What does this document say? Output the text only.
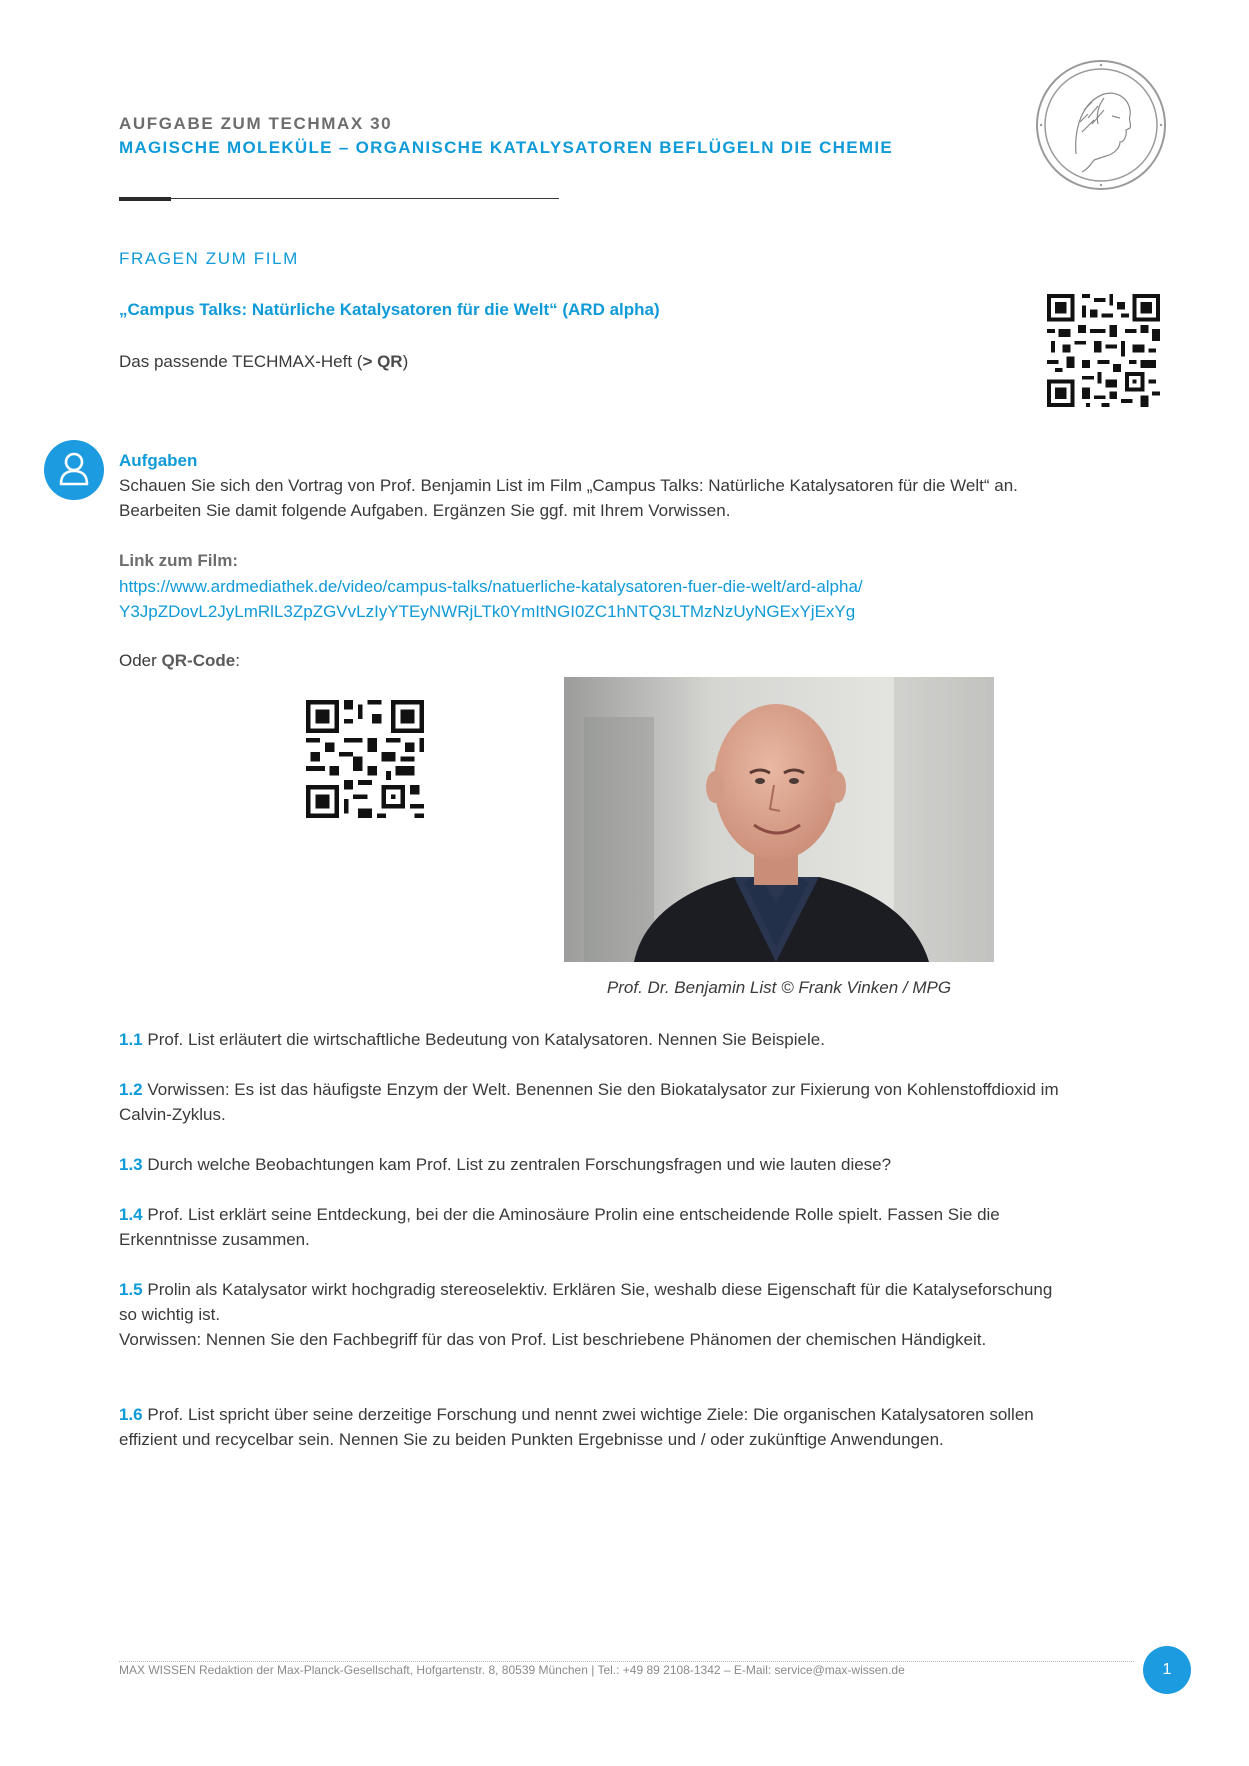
AUFGABE ZUM TECHMAX 30
MAGISCHE MOLEKÜLE – ORGANISCHE KATALYSATOREN BEFLÜGELN DIE CHEMIE
FRAGEN ZUM FILM
„Campus Talks: Natürliche Katalysatoren für die Welt“ (ARD alpha)
Das passende TECHMAX-Heft (> QR)
Aufgaben
Schauen Sie sich den Vortrag von Prof. Benjamin List im Film „Campus Talks: Natürliche Katalysatoren für die Welt“ an. Bearbeiten Sie damit folgende Aufgaben. Ergänzen Sie ggf. mit Ihrem Vorwissen.
Link zum Film:
https://www.ardmediathek.de/video/campus-talks/natuerliche-katalysatoren-fuer-die-welt/ard-alpha/
Y3JpZDovL2JyLmRlL3ZpZGVvLzIyYTEyNWRjLTk0YmItNGI0ZC1hNTQ3LTMzNzUyNGExYjExYg
Oder QR-Code:
Prof. Dr. Benjamin List © Frank Vinken / MPG
1.1 Prof. List erläutert die wirtschaftliche Bedeutung von Katalysatoren. Nennen Sie Beispiele.
1.2 Vorwissen: Es ist das häufigste Enzym der Welt. Benennen Sie den Biokatalysator zur Fixierung von Kohlenstoffdioxid im Calvin-Zyklus.
1.3 Durch welche Beobachtungen kam Prof. List zu zentralen Forschungsfragen und wie lauten diese?
1.4 Prof. List erklärt seine Entdeckung, bei der die Aminosäure Prolin eine entscheidende Rolle spielt. Fassen Sie die Erkenntnisse zusammen.
1.5 Prolin als Katalysator wirkt hochgradig stereoselektiv. Erklären Sie, weshalb diese Eigenschaft für die Katalyseforschung so wichtig ist.
Vorwissen: Nennen Sie den Fachbegriff für das von Prof. List beschriebene Phänomen der chemischen Händigkeit.
1.6 Prof. List spricht über seine derzeitige Forschung und nennt zwei wichtige Ziele: Die organischen Katalysatoren sollen effizient und recycelbar sein. Nennen Sie zu beiden Punkten Ergebnisse und / oder zukünftige Anwendungen.
MAX WISSEN Redaktion der Max-Planck-Gesellschaft, Hofgartenstr. 8, 80539 München | Tel.: +49 89 2108-1342 – E-Mail: service@max-wissen.de	1
